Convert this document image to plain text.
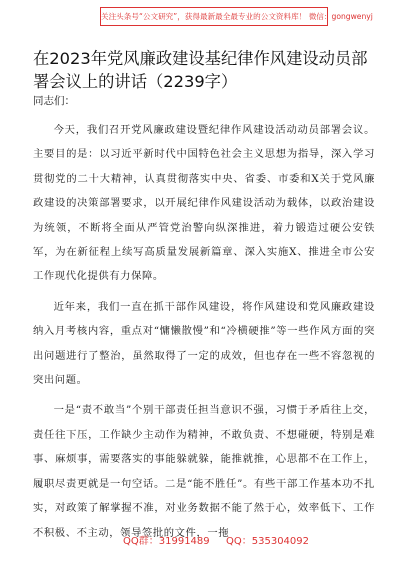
关注头条号“公文研究”，获得最新最全最专业的公文资料库！ 微信：gongwenyj
在2023年党风廉政建设基纪律作风建设动员部署会议上的讲话（2239字）
同志们：

今天，我们召开党风廉政建设暨纪律作风建设活动动员部署会议。主要目的是：以习近平新时代中国特色社会主义思想为指导，深入学习贯彻党的二十大精神，认真贯彻落实中央、省委、市委和X关于党风廉政建设的决策部署要求，以开展纪律作风建设活动为载体，以政治建设为统领，不断将全面从严管党治警向纵深推进，着力锻造过硬公安铁军，为在新征程上续写高质量发展新篇章、深入实施X、推进全市公安工作现代化提供有力保障。

近年来，我们一直在抓干部作风建设，将作风建设和党风廉政建设纳入月考核内容，重点对“慵懒散慢”和“冷横硬推”等一些作风方面的突出问题进行了整治，虽然取得了一定的成效，但也存在一些不容忽视的突出问题。

一是“责不敢当”个别干部责任担当意识不强，习惯于矛盾往上交，责任往下压，工作缺少主动作为精神，不敢负责、不想碰硬，特别是难事、麻烦事，需要落实的事能躲就躲，能推就推，心思都不在工作上，履职尽责更就是一句空话。二是“能不胜任”。有些干部工作基本功不扎实，对政策了解掌握不准，对业务数据不能了然于心，效率低下、工作不积极、不主动，领导签批的文件，一拖

QQ群：31991489 QQ：535304092
